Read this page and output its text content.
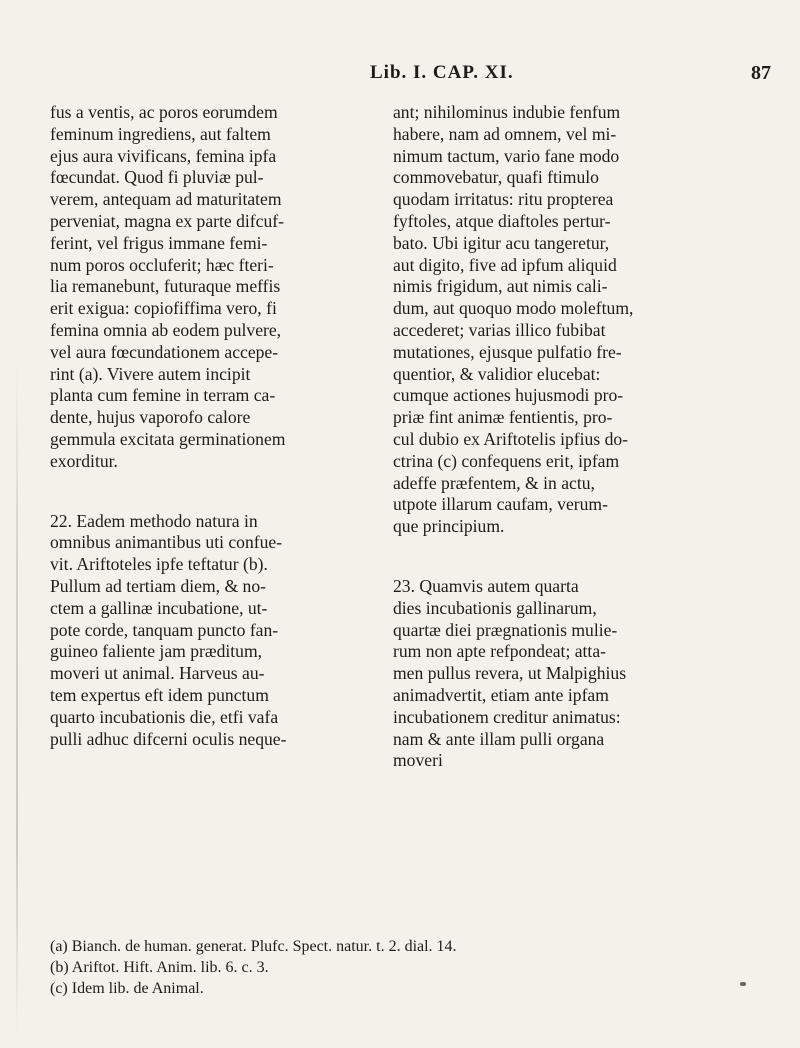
Lib. I. CAP. XI.	87
fus a ventis, ac poros eorumdem
feminum ingrediens, aut faltem
ejus aura vivificans, femina ipfa
fœcundat. Quod fi pluviæ pul-
verem, antequam ad maturitatem
perveniat, magna ex parte difcuf-
ferint, vel frigus immane femi-
num poros occluferit; hæc fteri-
lia remanebunt, futuraque meffis
erit exigua: copiofiffima vero, fi
femina omnia ab eodem pulvere,
vel aura fœcundationem accepe-
rint (a). Vivere autem incipit
planta cum femine in terram ca-
dente, hujus vaporofo calore
gemmula excitata germinationem
exorditur.
22. Eadem methodo natura in
omnibus animantibus uti confue-
vit. Ariftoteles ipfe teftatur (b).
Pullum ad tertiam diem, & no-
ctem a gallinæ incubatione, ut-
pote corde, tanquam puncto fan-
guineo faliente jam præditum,
moveri ut animal. Harveus au-
tem expertus eft idem punctum
quarto incubationis die, etfi vafa
pulli adhuc difcerni oculis neque-
ant; nihilominus indubie fenfum
habere, nam ad omnem, vel mi-
nimum tactum, vario fane modo
commovebatur, quafi ftimulo
quodam irritatus: ritu propterea
fyftoles, atque diaftoles pertur-
bato. Ubi igitur acu tangeretur,
aut digito, five ad ipfum aliquid
nimis frigidum, aut nimis cali-
dum, aut quoquo modo moleftum,
accederet; varias illico fubibat
mutationes, ejusque pulfatio fre-
quentior, & validior elucebat:
cumque actiones hujusmodi pro-
priæ fint animæ fentientis, pro-
cul dubio ex Ariftotelis ipfius do-
ctrina (c) confequens erit, ipfam
adeffe præfentem, & in actu,
utpote illarum caufam, verum-
que principium.
23. Quamvis autem quarta
dies incubationis gallinarum,
quartæ diei prægnationis mulie-
rum non apte refpondeat; atta-
men pullus revera, ut Malpighius
animadvertit, etiam ante ipfam
incubationem creditur animatus:
nam & ante illam pulli organa
moveri
(a) Bianch. de human. generat. Plufc. Spect. natur. t. 2. dial. 14.
(b) Ariftot. Hift. Anim. lib. 6. c. 3.
(c) Idem lib. de Animal.
